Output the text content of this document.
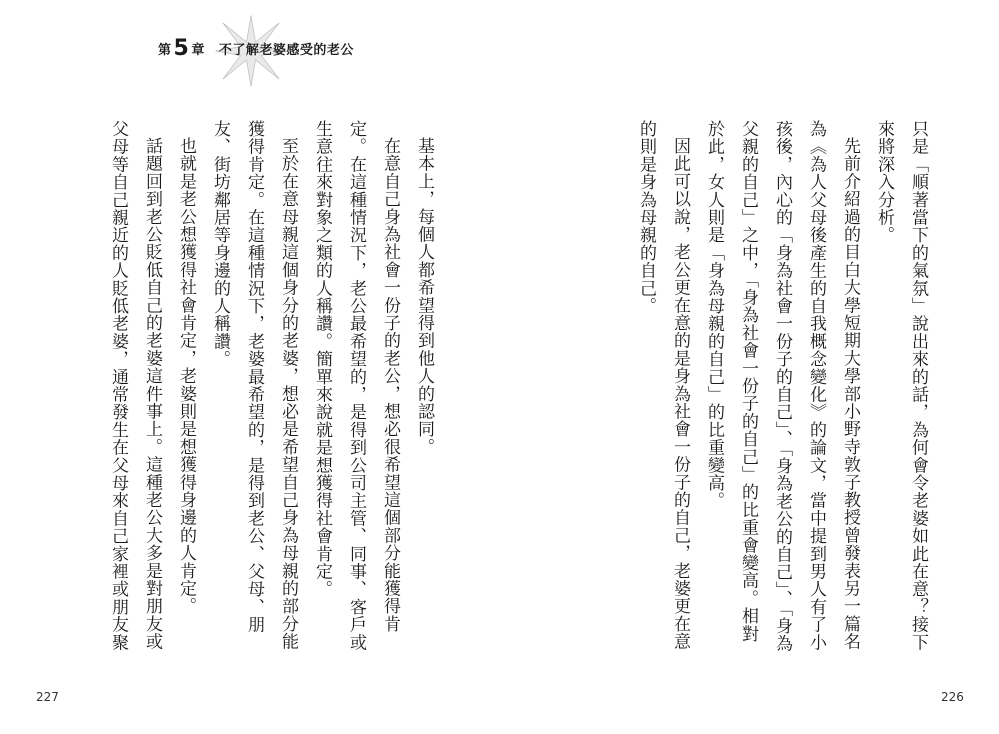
第 5 章 不了解老婆感受的老公

只是「順著當下的氣氛」說出來的話，為何會令老婆如此在意？接下來將深入分析。

先前介紹過的目白大學短期大學部小野寺敦子教授曾發表另一篇名為《為人父母後產生的自我概念變化》的論文，當中提到男人有了小孩後，內心的「身為社會一份子的自己」、「身為老公的自己」、「身為父親的自己」之中，「身為社會一份子的自己」的比重會變高。相對於此，女人則是「身為母親的自己」的比重變高。

因此可以說，老公更在意的是身為社會一份子的自己，老婆更在意的則是身為母親的自己。

基本上，每個人都希望得到他人的認同。

在意自己身為社會一份子的老公，想必很希望這個部分能獲得肯定。在這種情況下，老公最希望的，是得到公司主管、同事、客戶或生意往來對象之類的人稱讚。簡單來說就是想獲得社會肯定。

至於在意母親這個身分的老婆，想必是希望自己身為母親的部分能獲得肯定。在這種情況下，老婆最希望的，是得到老公、父母、朋友、街坊鄰居等身邊的人稱讚。

也就是老公想獲得社會肯定，老婆則是想獲得身邊的人肯定。

話題回到老公貶低自己的老婆這件事上。這種老公大多是對朋友或父母等自己親近的人貶低老婆，通常發生在父母來自己家裡或朋友聚

227	226
